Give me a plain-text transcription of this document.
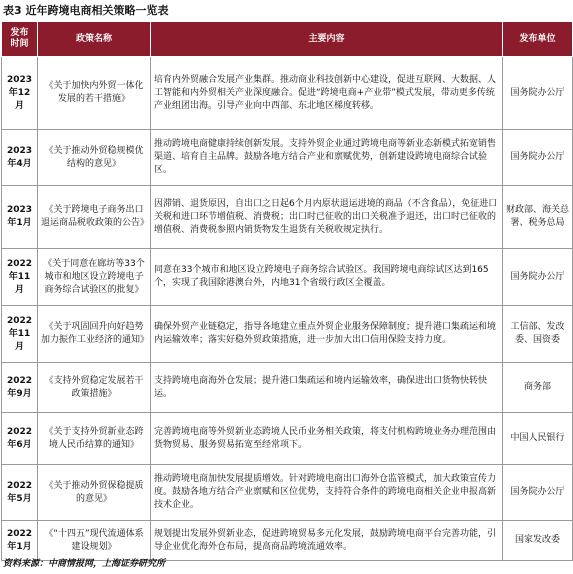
表3 近年跨境电商相关策略一览表
发布
时间	政策名称	主要内容	发布单位
2023年12月	《关于加快内外贸一体化发展的若干措施》	培育内外贸融合发展产业集群。推动商业科技创新中心建设，促进互联网、大数据、人工智能和内外贸相关产业深度融合。促进“跨境电商+产业带”模式发展，带动更多传统产业组团出海。引导产业向中西部、东北地区梯度转移。	国务院办公厅
2023年4月	《关于推动外贸稳规模优结构的意见》	推动跨境电商健康持续创新发展。支持外贸企业通过跨境电商等新业态新模式拓宽销售渠道、培育自主品牌。鼓励各地方结合产业和禀赋优势，创新建设跨境电商综合试验区。	国务院办公厅
2023年1月	《关于跨境电子商务出口退运商品税收政策的公告》	因滞销、退货原因，自出口之日起6个月内原状退运进境的商品（不含食品），免征进口关税和进口环节增值税、消费税；出口时已征收的出口关税准予退还，出口时已征收的增值税、消费税参照内销货物发生退货有关税收规定执行。	财政部、海关总署、税务总局
2022年11月	《关于同意在廊坊等33个城市和地区设立跨境电子商务综合试验区的批复》	同意在33个城市和地区设立跨境电子商务综合试验区。我国跨境电商综试区达到165个，实现了我国除港澳台外，内地31个省级行政区全覆盖。	国务院办公厅
2022年11月	《关于巩固回升向好趋势加力振作工业经济的通知》	确保外贸产业链稳定，指导各地建立重点外贸企业服务保障制度；提升港口集疏运和境内运输效率；落实好稳外贸政策措施，进一步加大出口信用保险支持力度。	工信部、发改委、国资委
2022年9月	《支持外贸稳定发展若干政策措施》	支持跨境电商海外仓发展；提升港口集疏运和境内运输效率，确保进出口货物快转快运。	商务部
2022年6月	《关于支持外贸新业态跨境人民币结算的通知》	完善跨境电商等外贸新业态跨境人民币业务相关政策，将支付机构跨境业务办理范围由货物贸易、服务贸易拓宽至经常项下。	中国人民银行
2022年5月	《关于推动外贸保稳提质的意见》	推动跨境电商加快发展提质增效。针对跨境电商出口海外仓监管模式，加大政策宣传力度。鼓励各地方结合产业禀赋和区位优势，支持符合条件的跨境电商相关企业申报高新技术企业。	国务院办公厅
2022年1月	《“十四五”现代流通体系建设规划》	规划提出发展外贸新业态，促进跨境贸易多元化发展，鼓励跨境电商平台完善功能，引导企业优化海外仓布局，提高商品跨境流通效率。	国家发改委
资料来源：中商情报网，上海证券研究所
